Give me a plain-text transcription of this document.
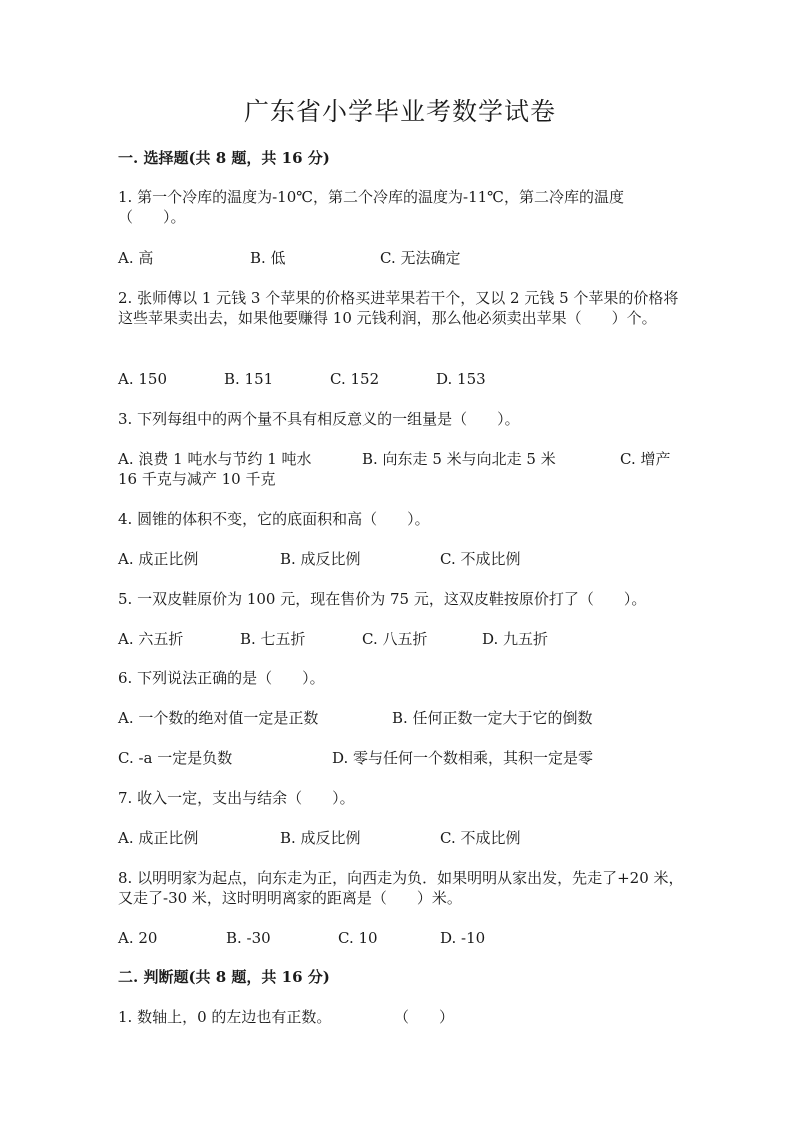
广东省小学毕业考数学试卷
一. 选择题(共 8 题，共 16 分)
1. 第一个冷库的温度为-10℃，第二个冷库的温度为-11℃，第二冷库的温度（　　）。
A. 高	B. 低	C. 无法确定
2. 张师傅以 1 元钱 3 个苹果的价格买进苹果若干个，又以 2 元钱 5 个苹果的价格将这些苹果卖出去，如果他要赚得 10 元钱利润，那么他必须卖出苹果（　　）个。
A. 150	B. 151	C. 152	D. 153
3. 下列每组中的两个量不具有相反意义的一组量是（　　）。
A. 浪费 1 吨水与节约 1 吨水	B. 向东走 5 米与向北走 5 米	C. 增产
16 千克与减产 10 千克
4. 圆锥的体积不变，它的底面积和高（　　）。
A. 成正比例	B. 成反比例	C. 不成比例
5. 一双皮鞋原价为 100 元，现在售价为 75 元，这双皮鞋按原价打了（　　）。
A. 六五折	B. 七五折	C. 八五折	D. 九五折
6. 下列说法正确的是（　　）。
A. 一个数的绝对值一定是正数	B. 任何正数一定大于它的倒数
C. -a 一定是负数	D. 零与任何一个数相乘，其积一定是零
7. 收入一定，支出与结余（　　）。
A. 成正比例	B. 成反比例	C. 不成比例
8. 以明明家为起点，向东走为正，向西走为负．如果明明从家出发，先走了+20 米，又走了-30 米，这时明明离家的距离是（　　）米。
A. 20	B. -30	C. 10	D. -10
二. 判断题(共 8 题，共 16 分)
1. 数轴上，0 的左边也有正数。	（　　）
